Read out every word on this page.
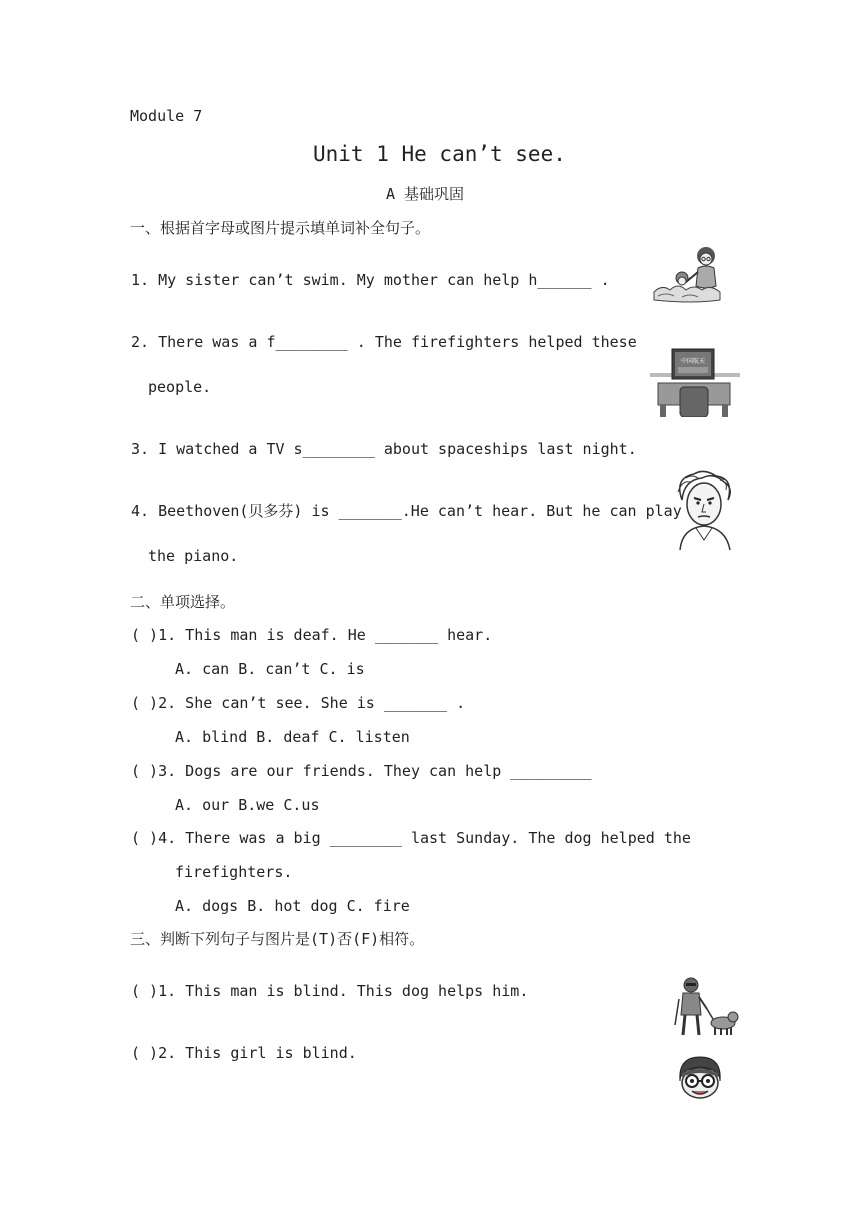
Module 7
Unit 1 He can’t see.
A 基础巩固
一、根据首字母或图片提示填单词补全句子。
1. My sister can’t swim. My mother can help h______ .
2. There was a f________ . The firefighters helped these
people.
3. I watched a TV s________ about spaceships last night.
4. Beethoven(贝多芬) is _______.He can’t hear. But he can play
the piano.
二、单项选择。
( )1. This man is deaf. He _______ hear.
A. can B. can’t C. is
( )2. She can’t see. She is _______ .
A. blind B. deaf C. listen
( )3. Dogs are our friends. They can help _________
A. our B.we C.us
( )4. There was a big ________ last Sunday. The dog helped the
firefighters.
A. dogs B. hot dog C. fire
三、判断下列句子与图片是(T)否(F)相符。
( )1. This man is blind. This dog helps him.
( )2. This girl is blind.
中国航天
